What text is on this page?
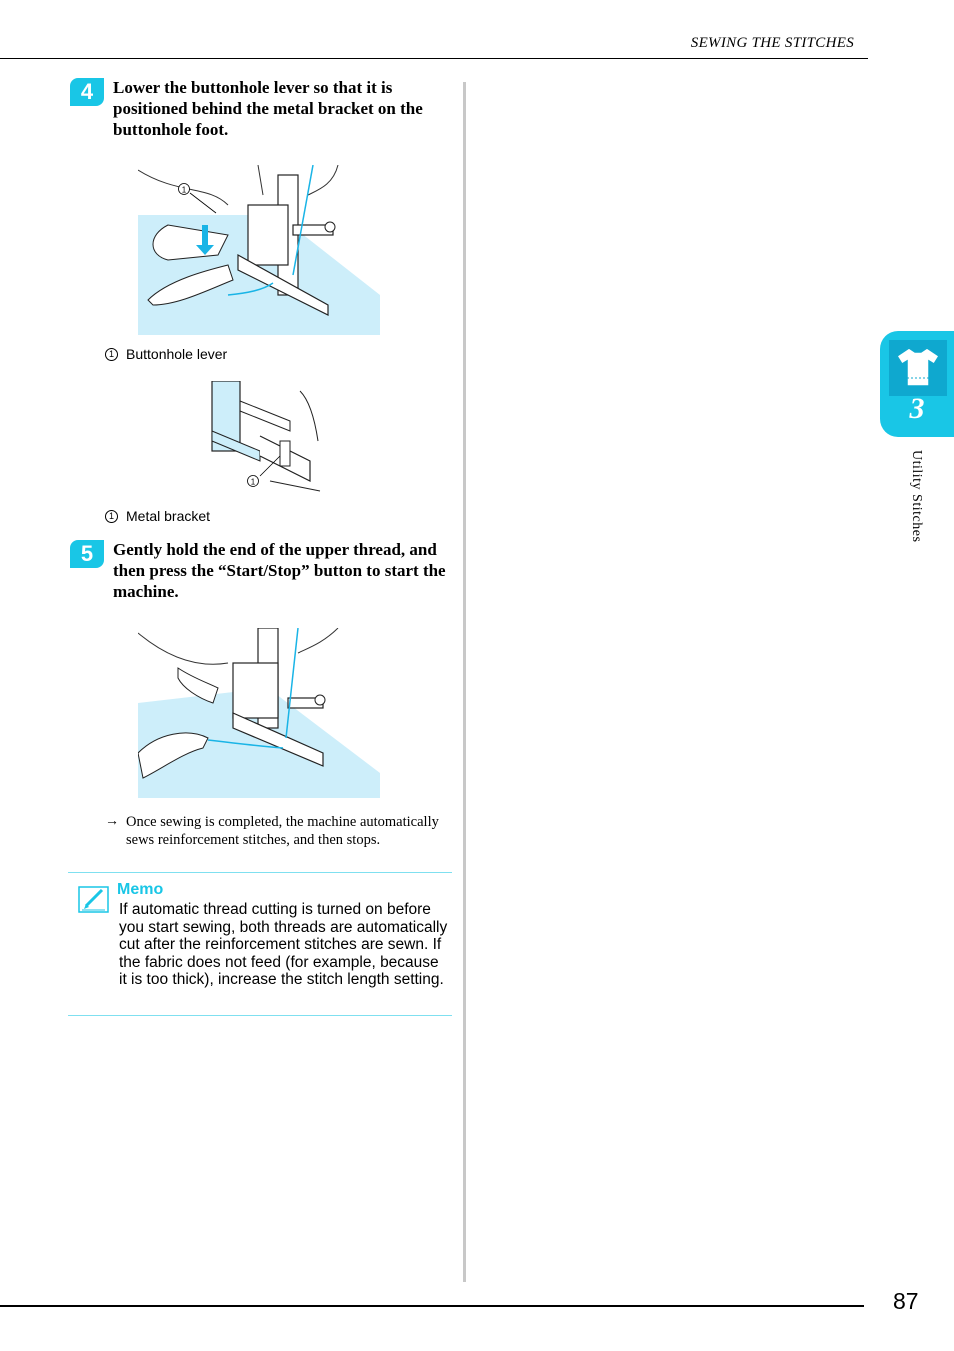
SEWING THE STITCHES
4	Lower the buttonhole lever so that it is positioned behind the metal bracket on the buttonhole foot.
1
1 Buttonhole lever
1
1 Metal bracket
5	Gently hold the end of the upper thread, and then press the “Start/Stop” button to start the machine.
→ Once sewing is completed, the machine automatically sews reinforcement stitches, and then stops.
Memo
If automatic thread cutting is turned on before you start sewing, both threads are automatically cut after the reinforcement stitches are sewn. If the fabric does not feed (for example, because it is too thick), increase the stitch length setting.
3
Utility Stitches
87
